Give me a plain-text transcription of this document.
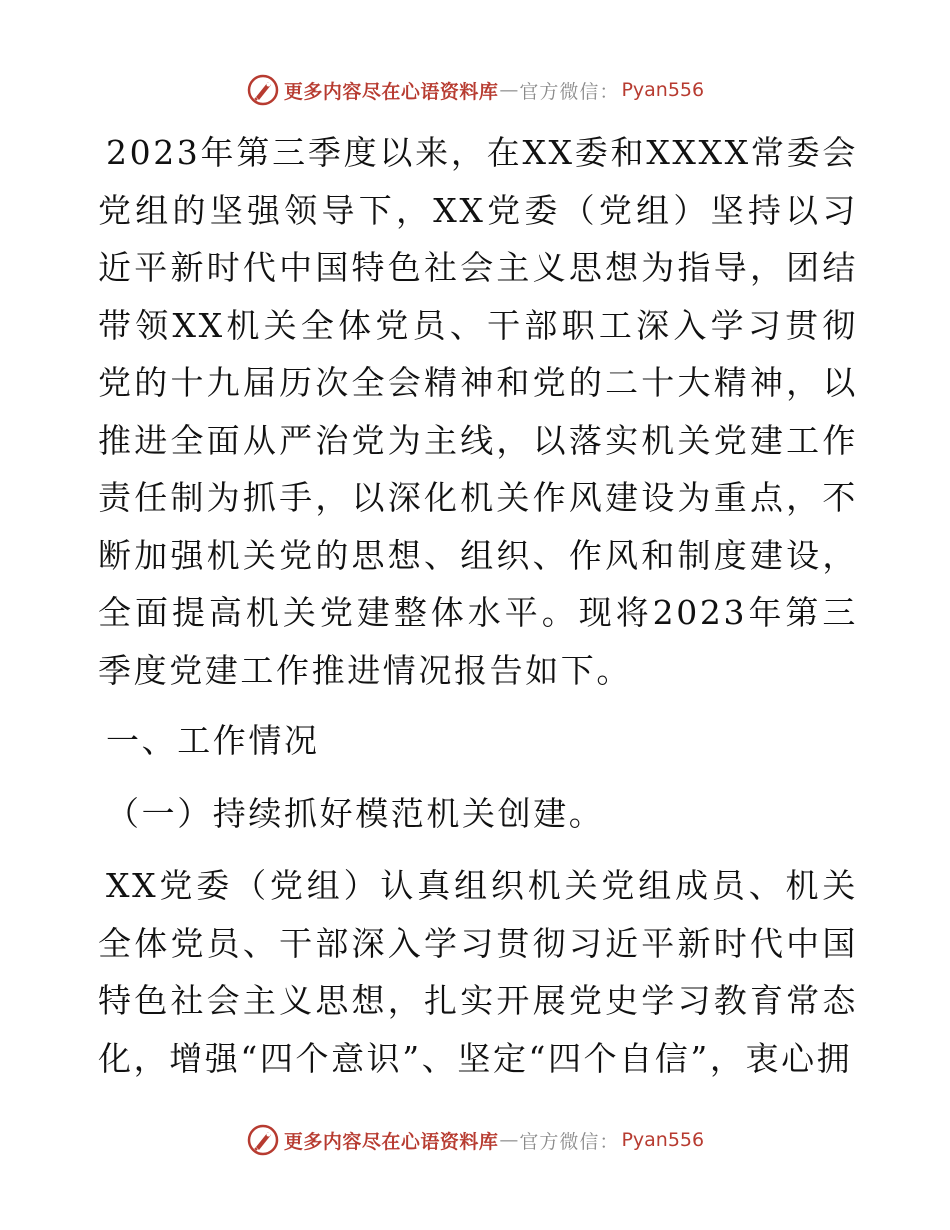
更多内容尽在心语资料库 — 官方微信： Pyan556

2023年第三季度以来，在XX委和XXXX常委会党组的坚强领导下，XX党委（党组）坚持以习近平新时代中国特色社会主义思想为指导，团结带领XX机关全体党员、干部职工深入学习贯彻党的十九届历次全会精神和党的二十大精神，以推进全面从严治党为主线，以落实机关党建工作责任制为抓手，以深化机关作风建设为重点，不断加强机关党的思想、组织、作风和制度建设，全面提高机关党建整体水平。现将2023年第三季度党建工作推进情况报告如下。

一、工作情况

（一）持续抓好模范机关创建。

XX党委（党组）认真组织机关党组成员、机关全体党员、干部深入学习贯彻习近平新时代中国特色社会主义思想，扎实开展党史学习教育常态化，增强“四个意识”、坚定“四个自信”，衷心拥

更多内容尽在心语资料库 — 官方微信： Pyan556
